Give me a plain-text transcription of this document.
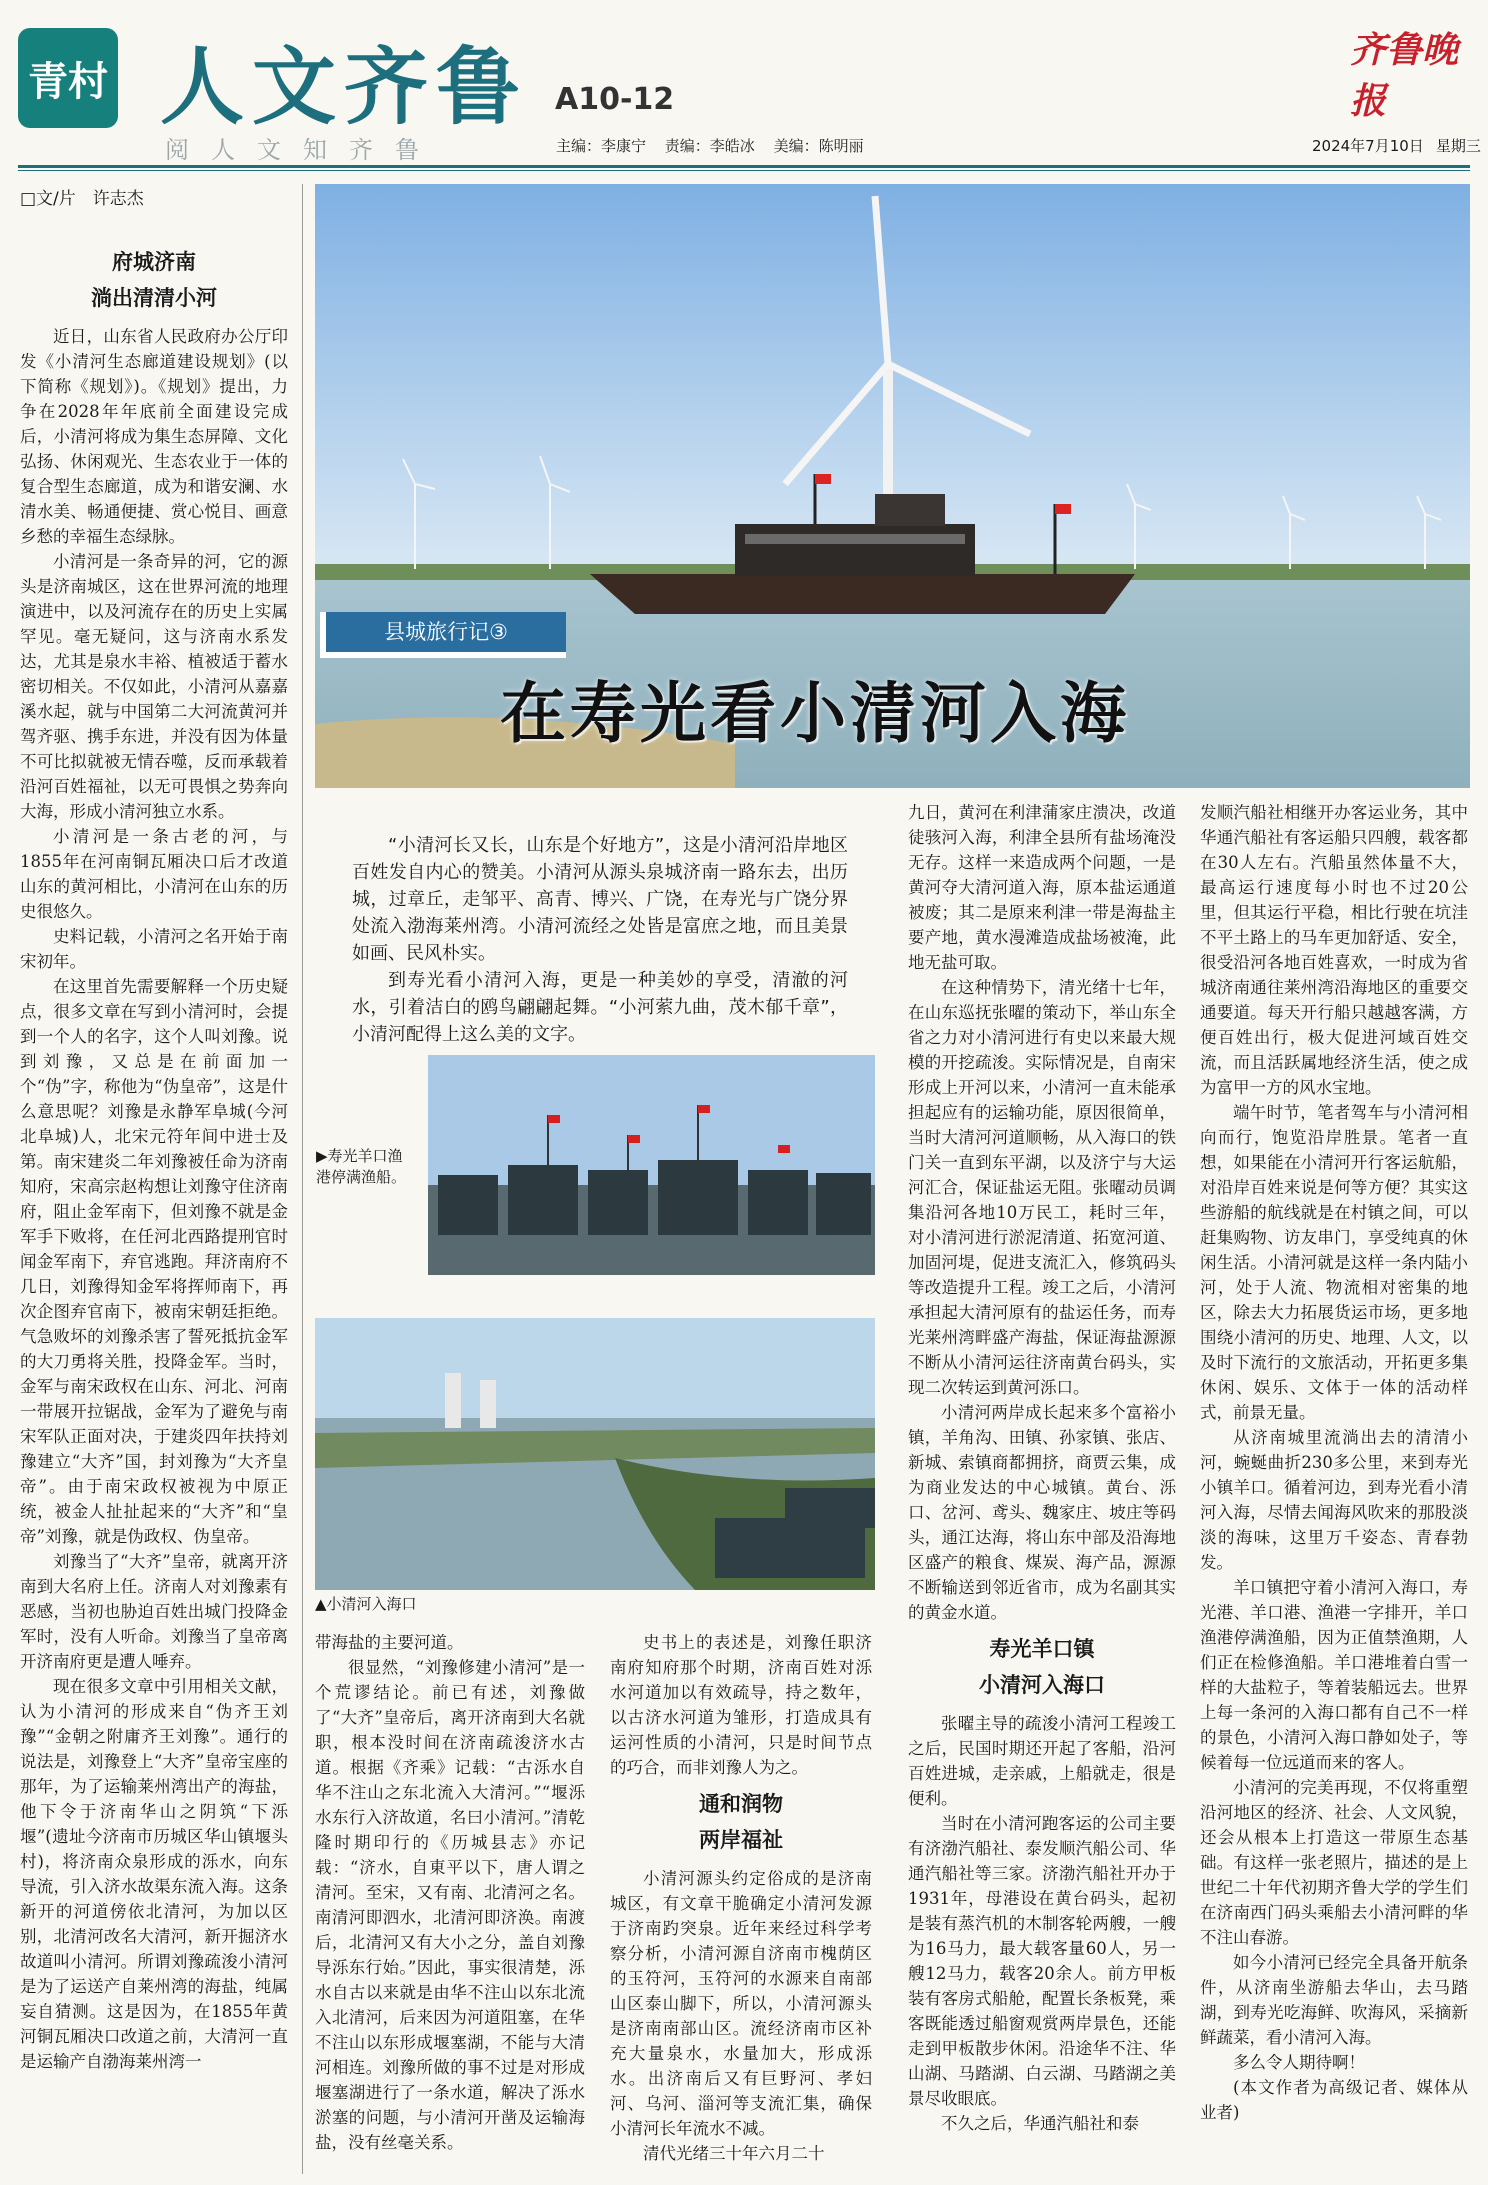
青村 人文齐鲁 A10-12
阅人文知齐鲁	主编：李康宁 责编：李皓冰 美编：陈明丽
齐鲁晚报
2024年7月10日 星期三
□文/片　许志杰
府城济南
淌出清清小河

近日，山东省人民政府办公厅印发《小清河生态廊道建设规划》(以下简称《规划》)。《规划》提出，力争在2028年年底前全面建设完成后，小清河将成为集生态屏障、文化弘扬、休闲观光、生态农业于一体的复合型生态廊道，成为和谐安澜、水清水美、畅通便捷、赏心悦目、画意乡愁的幸福生态绿脉。

小清河是一条奇异的河，它的源头是济南城区，这在世界河流的地理演进中，以及河流存在的历史上实属罕见。毫无疑问，这与济南水系发达，尤其是泉水丰裕、植被适于蓄水密切相关。不仅如此，小清河从嘉嘉溪水起，就与中国第二大河流黄河并驾齐驱、携手东进，并没有因为体量不可比拟就被无情吞噬，反而承载着沿河百姓福祉，以无可畏惧之势奔向大海，形成小清河独立水系。

小清河是一条古老的河，与1855年在河南铜瓦厢决口后才改道山东的黄河相比，小清河在山东的历史很悠久。

史料记载，小清河之名开始于南宋初年。

在这里首先需要解释一个历史疑点，很多文章在写到小清河时，会提到一个人的名字，这个人叫刘豫。说到刘豫，又总是在前面加一个“伪”字，称他为“伪皇帝”，这是什么意思呢？刘豫是永静军阜城(今河北阜城)人，北宋元符年间中进士及第。南宋建炎二年刘豫被任命为济南知府，宋高宗赵构想让刘豫守住济南府，阻止金军南下，但刘豫不就是金军手下败将，在任河北西路提刑官时闻金军南下，弃官逃跑。拜济南府不几日，刘豫得知金军将挥师南下，再次企图弃官南下，被南宋朝廷拒绝。气急败坏的刘豫杀害了誓死抵抗金军的大刀勇将关胜，投降金军。当时，金军与南宋政权在山东、河北、河南一带展开拉锯战，金军为了避免与南宋军队正面对决，于建炎四年扶持刘豫建立“大齐”国，封刘豫为“大齐皇帝”。由于南宋政权被视为中原正统，被金人扯扯起来的“大齐”和“皇帝”刘豫，就是伪政权、伪皇帝。

刘豫当了“大齐”皇帝，就离开济南到大名府上任。济南人对刘豫素有恶感，当初也胁迫百姓出城门投降金军时，没有人听命。刘豫当了皇帝离开济南府更是遭人唾弃。

现在很多文章中引用相关文献，认为小清河的形成来自“伪齐王刘豫”“金朝之附庸齐王刘豫”。通行的说法是，刘豫登上“大齐”皇帝宝座的那年，为了运输莱州湾出产的海盐，他下令于济南华山之阴筑“下泺堰”(遗址今济南市历城区华山镇堰头村)，将济南众泉形成的泺水，向东导流，引入济水故渠东流入海。这条新开的河道傍依北清河，为加以区别，北清河改名大清河，新开掘济水故道叫小清河。所谓刘豫疏浚小清河是为了运送产自莱州湾的海盐，纯属妄自猜测。这是因为，在1855年黄河铜瓦厢决口改道之前，大清河一直是运输产自渤海莱州湾一

县城旅行记③
在寿光看小清河入海

“小清河长又长，山东是个好地方”，这是小清河沿岸地区百姓发自内心的赞美。小清河从源头泉城济南一路东去，出历城，过章丘，走邹平、高青、博兴、广饶，在寿光与广饶分界处流入渤海莱州湾。小清河流经之处皆是富庶之地，而且美景如画、民风朴实。

到寿光看小清河入海，更是一种美妙的享受，清澈的河水，引着洁白的鸥鸟翩翩起舞。“小河萦九曲，茂木郁千章”，小清河配得上这么美的文字。

▶寿光羊口渔港停满渔船。
▲小清河入海口

带海盐的主要河道。

很显然，“刘豫修建小清河”是一个荒谬结论。前已有述，刘豫做了“大齐”皇帝后，离开济南到大名就职，根本没时间在济南疏浚济水古道。根据《齐乘》记载：“古泺水自华不注山之东北流入大清河。”“堰泺水东行入济故道，名曰小清河。”清乾隆时期印行的《历城县志》亦记载：“济水，自東平以下，唐人谓之清河。至宋，又有南、北清河之名。南清河即泗水，北清河即济涣。南渡后，北清河又有大小之分，盖自刘豫导泺东行始。”因此，事实很清楚，泺水自古以来就是由华不注山以东北流入北清河，后来因为河道阻塞，在华不注山以东形成堰塞湖，不能与大清河相连。刘豫所做的事不过是对形成堰塞湖进行了一条水道，解决了泺水淤塞的问题，与小清河开凿及运输海盐，没有丝毫关系。

史书上的表述是，刘豫任职济南府知府那个时期，济南百姓对泺水河道加以有效疏导，持之数年，以古济水河道为雏形，打造成具有运河性质的小清河，只是时间节点的巧合，而非刘豫人为之。

通和润物
两岸福祉

小清河源头约定俗成的是济南城区，有文章干脆确定小清河发源于济南趵突泉。近年来经过科学考察分析，小清河源自济南市槐荫区的玉符河，玉符河的水源来自南部山区泰山脚下，所以，小清河源头是济南南部山区。流经济南市区补充大量泉水，水量加大，形成泺水。出济南后又有巨野河、孝妇河、乌河、淄河等支流汇集，确保小清河长年流水不减。

清代光绪三十年六月二十

九日，黄河在利津蒲家庄溃决，改道徒骇河入海，利津全县所有盐场淹没无存。这样一来造成两个问题，一是黄河夺大清河道入海，原本盐运通道被废；其二是原来利津一带是海盐主要产地，黄水漫滩造成盐场被淹，此地无盐可取。

在这种情势下，清光绪十七年，在山东巡抚张曜的策动下，举山东全省之力对小清河进行有史以来最大规模的开挖疏浚。实际情况是，自南宋形成上开河以来，小清河一直未能承担起应有的运输功能，原因很简单，当时大清河河道顺畅，从入海口的铁门关一直到东平湖，以及济宁与大运河汇合，保证盐运无阻。张曜动员调集沿河各地10万民工，耗时三年，对小清河进行淤泥清道、拓宽河道、加固河堤，促进支流汇入，修筑码头等改造提升工程。竣工之后，小清河承担起大清河原有的盐运任务，而寿光莱州湾畔盛产海盐，保证海盐源源不断从小清河运往济南黄台码头，实现二次转运到黄河泺口。

小清河两岸成长起来多个富裕小镇，羊角沟、田镇、孙家镇、张店、新城、索镇商都拥挤，商贾云集，成为商业发达的中心城镇。黄台、泺口、岔河、鸢头、魏家庄、坡庄等码头，通江达海，将山东中部及沿海地区盛产的粮食、煤炭、海产品，源源不断输送到邻近省市，成为名副其实的黄金水道。

寿光羊口镇
小清河入海口

张曜主导的疏浚小清河工程竣工之后，民国时期还开起了客船，沿河百姓进城，走亲戚，上船就走，很是便利。

当时在小清河跑客运的公司主要有济渤汽船社、泰发顺汽船公司、华通汽船社等三家。济渤汽船社开办于1931年，母港设在黄台码头，起初是装有蒸汽机的木制客轮两艘，一艘为16马力，最大载客量60人，另一艘12马力，载客20余人。前方甲板装有客房式船舱，配置长条板凳，乘客既能透过船窗观赏两岸景色，还能走到甲板散步休闲。沿途华不注、华山湖、马踏湖、白云湖、马踏湖之美景尽收眼底。

不久之后，华通汽船社和泰

发顺汽船社相继开办客运业务，其中华通汽船社有客运船只四艘，载客都在30人左右。汽船虽然体量不大，最高运行速度每小时也不过20公里，但其运行平稳，相比行驶在坑洼不平土路上的马车更加舒适、安全，很受沿河各地百姓喜欢，一时成为省城济南通往莱州湾沿海地区的重要交通要道。每天开行船只越越客满，方便百姓出行，极大促进河域百姓交流，而且活跃属地经济生活，使之成为富甲一方的风水宝地。

端午时节，笔者驾车与小清河相向而行，饱览沿岸胜景。笔者一直想，如果能在小清河开行客运航船，对沿岸百姓来说是何等方便？其实这些游船的航线就是在村镇之间，可以赶集购物、访友串门，享受纯真的休闲生活。小清河就是这样一条内陆小河，处于人流、物流相对密集的地区，除去大力拓展货运市场，更多地围绕小清河的历史、地理、人文，以及时下流行的文旅活动，开拓更多集休闲、娱乐、文体于一体的活动样式，前景无量。

从济南城里流淌出去的清清小河，蜿蜒曲折230多公里，来到寿光小镇羊口。循着河边，到寿光看小清河入海，尽情去闻海风吹来的那股淡淡的海味，这里万千姿态、青春勃发。

羊口镇把守着小清河入海口，寿光港、羊口港、渔港一字排开，羊口渔港停满渔船，因为正值禁渔期，人们正在检修渔船。羊口港堆着白雪一样的大盐粒子，等着装船远去。世界上每一条河的入海口都有自己不一样的景色，小清河入海口静如处子，等候着每一位远道而来的客人。

小清河的完美再现，不仅将重塑沿河地区的经济、社会、人文风貌，还会从根本上打造这一带原生态基础。有这样一张老照片，描述的是上世纪二十年代初期齐鲁大学的学生们在济南西门码头乘船去小清河畔的华不注山春游。

如今小清河已经完全具备开航条件，从济南坐游船去华山，去马踏湖，到寿光吃海鲜、吹海风，采摘新鲜蔬菜，看小清河入海。

多么令人期待啊！

(本文作者为高级记者、媒体从业者)
